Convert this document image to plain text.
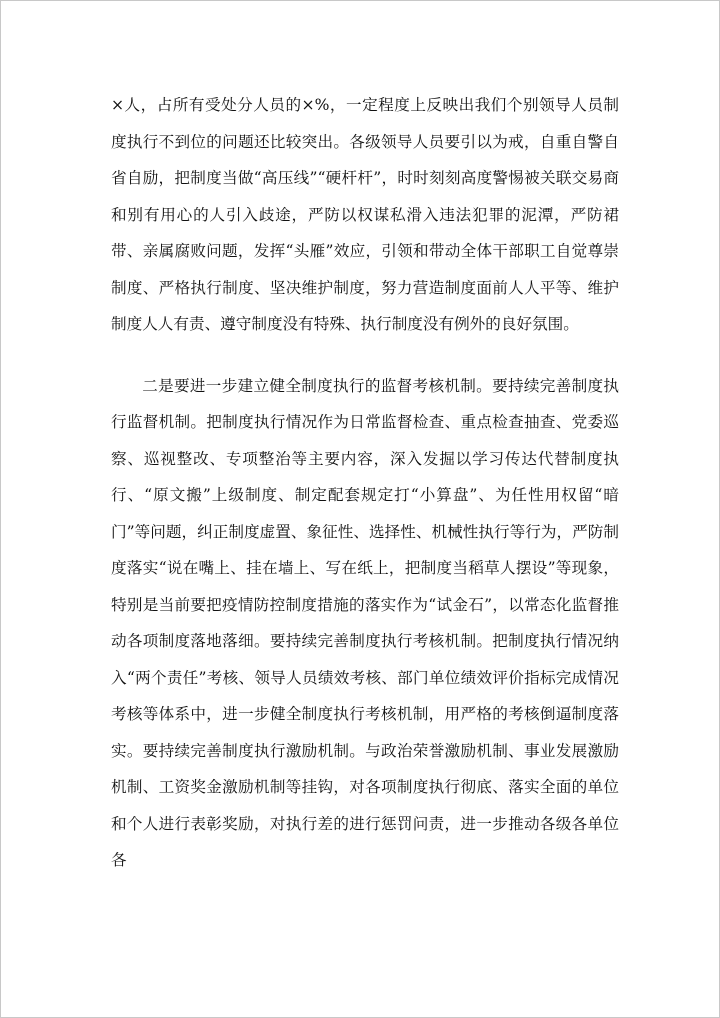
×人，占所有受处分人员的×%，一定程度上反映出我们个别领导人员制度执行不到位的问题还比较突出。各级领导人员要引以为戒，自重自警自省自励，把制度当做“高压线”“硬杆杆”，时时刻刻高度警惕被关联交易商和别有用心的人引入歧途，严防以权谋私滑入违法犯罪的泥潭，严防裙带、亲属腐败问题，发挥“头雁”效应，引领和带动全体干部职工自觉尊崇制度、严格执行制度、坚决维护制度，努力营造制度面前人人平等、维护制度人人有责、遵守制度没有特殊、执行制度没有例外的良好氛围。

二是要进一步建立健全制度执行的监督考核机制。要持续完善制度执行监督机制。把制度执行情况作为日常监督检查、重点检查抽查、党委巡察、巡视整改、专项整治等主要内容，深入发掘以学习传达代替制度执行、“原文搬”上级制度、制定配套规定打“小算盘”、为任性用权留“暗门”等问题，纠正制度虚置、象征性、选择性、机械性执行等行为，严防制度落实“说在嘴上、挂在墙上、写在纸上，把制度当稻草人摆设”等现象，特别是当前要把疫情防控制度措施的落实作为“试金石”，以常态化监督推动各项制度落地落细。要持续完善制度执行考核机制。把制度执行情况纳入“两个责任”考核、领导人员绩效考核、部门单位绩效评价指标完成情况考核等体系中，进一步健全制度执行考核机制，用严格的考核倒逼制度落实。要持续完善制度执行激励机制。与政治荣誉激励机制、事业发展激励机制、工资奖金激励机制等挂钩，对各项制度执行彻底、落实全面的单位和个人进行表彰奖励，对执行差的进行惩罚问责，进一步推动各级各单位各
